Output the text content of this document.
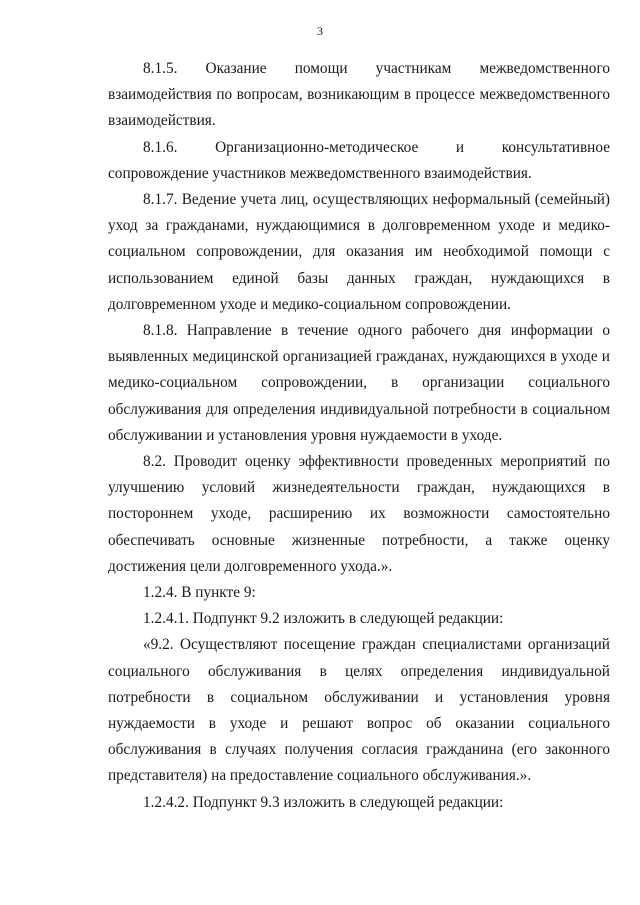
3
8.1.5. Оказание помощи участникам межведомственного

взаимодействия по вопросам, возникающим в процессе межведомственного взаимодействия.

8.1.6. Организационно-методическое и консультативное сопровождение участников межведомственного взаимодействия.

8.1.7. Ведение учета лиц, осуществляющих неформальный (семейный) уход за гражданами, нуждающимися в долговременном уходе и медико-социальном сопровождении, для оказания им необходимой помощи с использованием единой базы данных граждан, нуждающихся в долговременном уходе и медико-социальном сопровождении.

8.1.8. Направление в течение одного рабочего дня информации о выявленных медицинской организацией гражданах, нуждающихся в уходе и медико-социальном сопровождении, в организации социального обслуживания для определения индивидуальной потребности в социальном обслуживании и установления уровня нуждаемости в уходе.

8.2. Проводит оценку эффективности проведенных мероприятий по улучшению условий жизнедеятельности граждан, нуждающихся в постороннем уходе, расширению их возможности самостоятельно обеспечивать основные жизненные потребности, а также оценку достижения цели долговременного ухода.».

1.2.4. В пункте 9:

1.2.4.1. Подпункт 9.2 изложить в следующей редакции:

«9.2. Осуществляют посещение граждан специалистами организаций социального обслуживания в целях определения индивидуальной потребности в социальном обслуживании и установления уровня нуждаемости в уходе и решают вопрос об оказании социального обслуживания в случаях получения согласия гражданина (его законного представителя) на предоставление социального обслуживания.».

1.2.4.2. Подпункт 9.3 изложить в следующей редакции:
